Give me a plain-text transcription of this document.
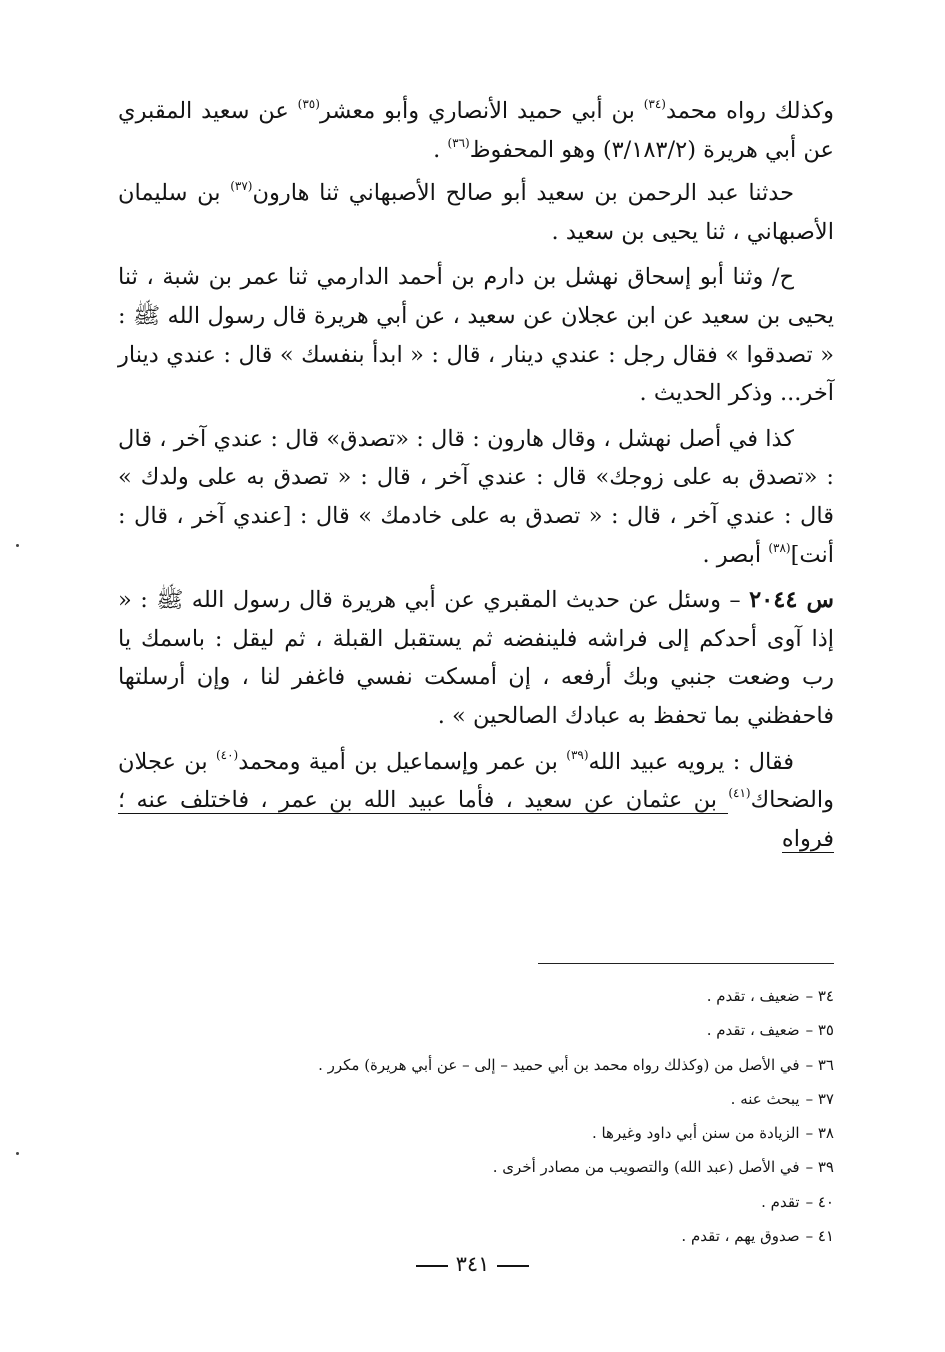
وكذلك رواه محمد$^{(٣٤)}$ بن أبي حميد الأنصاري وأبو معشر$^{(٣٥)}$ عن سعيد المقبري عن أبي هريرة (٣/١٨٣/٢) وهو المحفوظ$^{(٣٦)}$ .

حدثنا عبد الرحمن بن سعيد أبو صالح الأصبهاني ثنا هارون$^{(٣٧)}$ بن سليمان الأصبهاني ، ثنا يحيى بن سعيد .

ح/ وثنا أبو إسحاق نهشل بن دارم بن أحمد الدارمي ثنا عمر بن شبة ، ثنا يحيى بن سعيد عن ابن عجلان عن سعيد ، عن أبي هريرة قال رسول الله ﷺ : « تصدقوا » فقال رجل : عندي دينار ، قال : « ابدأ بنفسك » قال : عندي دينار آخر... وذكر الحديث .

كذا في أصل نهشل ، وقال هارون : قال : «تصدق» قال : عندي آخر ، قال : «تصدق به على زوجك» قال : عندي آخر ، قال : « تصدق به على ولدك » قال : عندي آخر ، قال : « تصدق به على خادمك » قال : [عندي آخر ، قال : أنت]$^{(٣٨)}$ أبصر .

س ٢٠٤٤ – وسئل عن حديث المقبري عن أبي هريرة قال رسول الله ﷺ : « إذا آوى أحدكم إلى فراشه فلينفضه ثم يستقبل القبلة ، ثم ليقل : باسمك يا رب وضعت جنبي وبك أرفعه ، إن أمسكت نفسي فاغفر لنا ، وإن أرسلتها فاحفظني بما تحفظ به عبادك الصالحين » .

فقال : يرويه عبيد الله$^{(٣٩)}$ بن عمر وإسماعيل بن أمية ومحمد$^{(٤٠)}$ بن عجلان والضحاك$^{(٤١)}$ بن عثمان عن سعيد ، فأما عبيد الله بن عمر ، فاختلف عنه ؛ فرواه

٣٤ –ضعيف ، تقدم .
٣٥ –ضعيف ، تقدم .
٣٦ –في الأصل من (وكذلك رواه محمد بن أبي حميد – إلى – عن أبي هريرة) مكرر .
٣٧ –يبحث عنه .
٣٨ –الزيادة من سنن أبي داود وغيرها .
٣٩ –في الأصل (عبد الله) والتصويب من مصادر أخرى .
٤٠ –تقدم .
٤١ –صدوق يهم ، تقدم .
٣٤١
